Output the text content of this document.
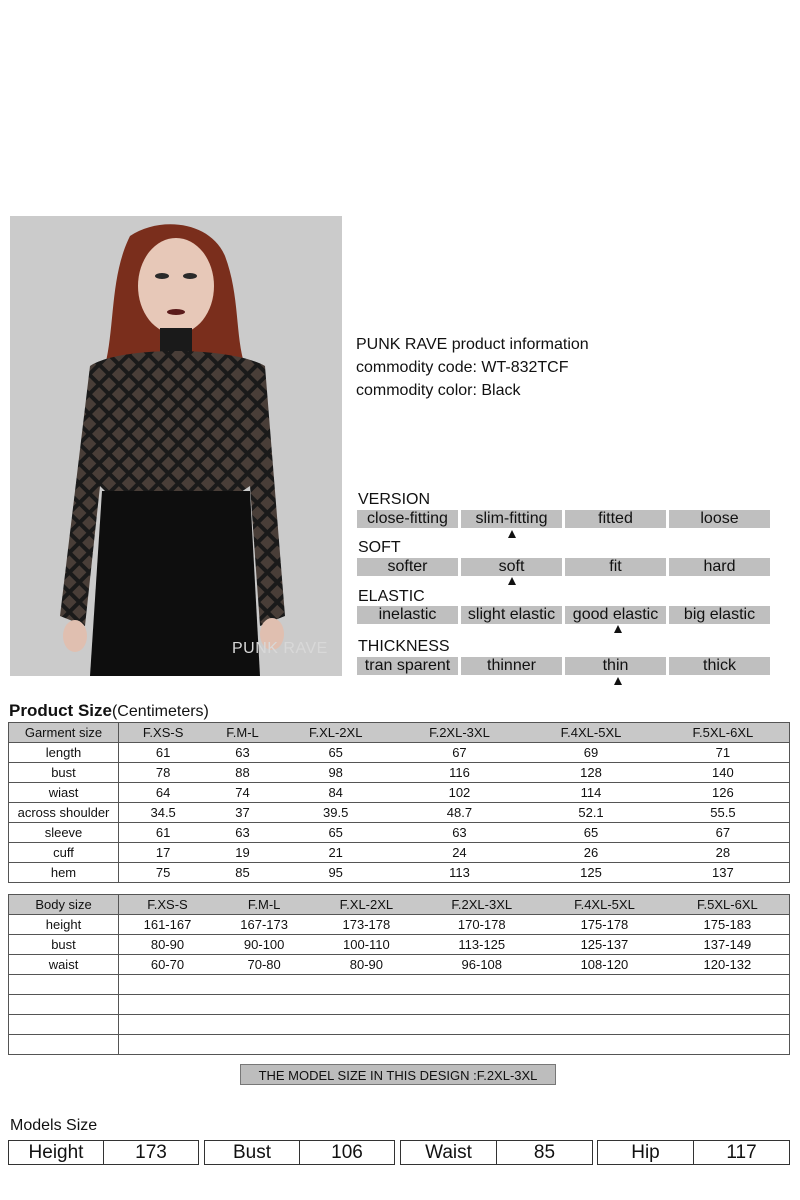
PUNK RAVE
PUNK RAVE product information
commodity code: WT-832TCF
commodity color: Black
VERSION
close-fitting	slim-fitting	fitted	loose
SOFT
softer	soft	fit	hard
ELASTIC
inelastic	slight elastic	good elastic	big elastic
THICKNESS
tran sparent	thinner	thin	thick
Product Size(Centimeters)
Garment size	F.XS-S	F.M-L	F.XL-2XL	F.2XL-3XL	F.4XL-5XL	F.5XL-6XL
length	61	63	65	67	69	71
bust	78	88	98	116	128	140
wiast	64	74	84	102	114	126
across shoulder	34.5	37	39.5	48.7	52.1	55.5
sleeve	61	63	65	63	65	67
cuff	17	19	21	24	26	28
hem	75	85	95	113	125	137
Body size	F.XS-S	F.M-L	F.XL-2XL	F.2XL-3XL	F.4XL-5XL	F.5XL-6XL
height	161-167	167-173	173-178	170-178	175-178	175-183
bust	80-90	90-100	100-110	113-125	125-137	137-149
waist	60-70	70-80	80-90	96-108	108-120	120-132

THE MODEL SIZE IN THIS DESIGN :F.2XL-3XL
Models Size
Height	173	Bust	106	Waist	85	Hip	117
